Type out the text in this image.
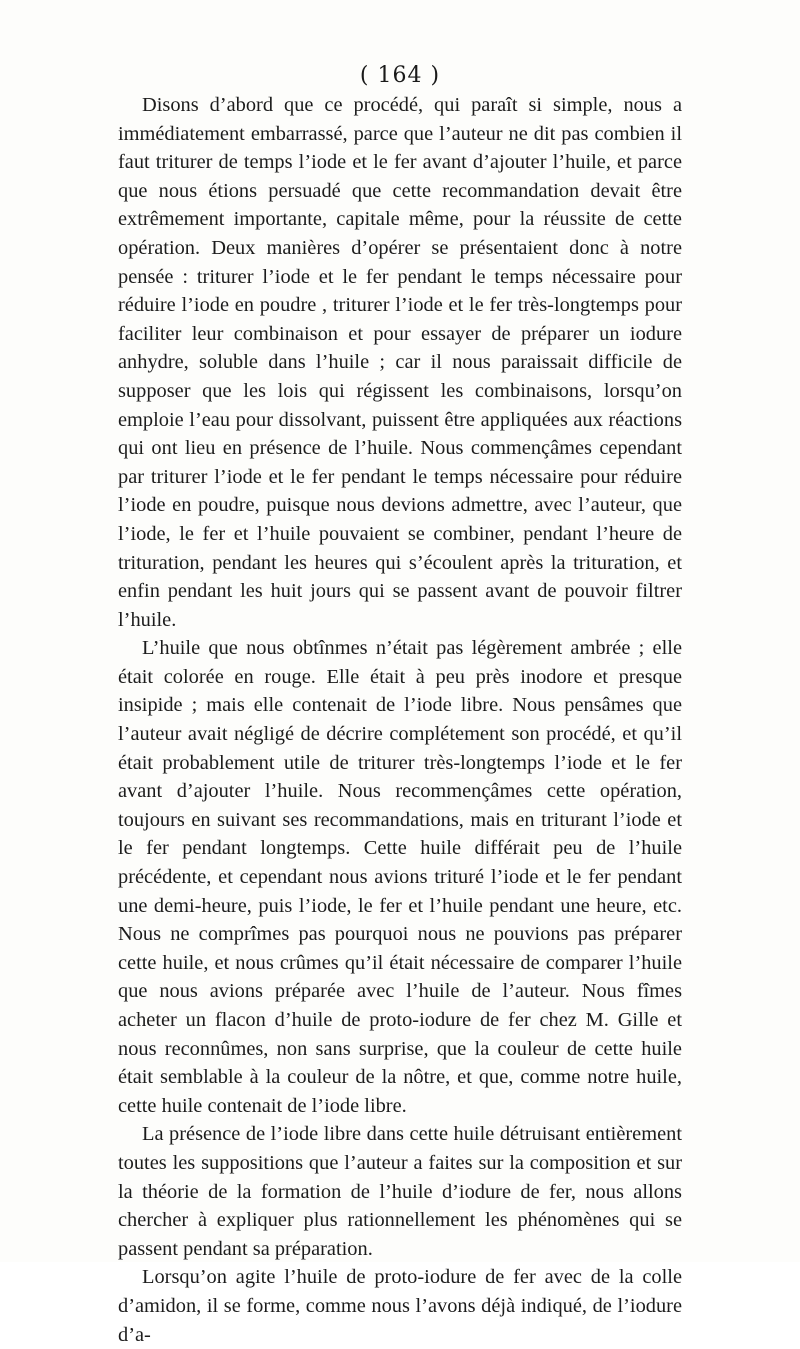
( 164 )

Disons d’abord que ce procédé, qui paraît si simple, nous a immédiatement embarrassé, parce que l’auteur ne dit pas combien il faut triturer de temps l’iode et le fer avant d’ajouter l’huile, et parce que nous étions persuadé que cette recommandation devait être extrêmement importante, capitale même, pour la réussite de cette opération. Deux manières d’opérer se présentaient donc à notre pensée : triturer l’iode et le fer pendant le temps nécessaire pour réduire l’iode en poudre , triturer l’iode et le fer très-longtemps pour faciliter leur combinaison et pour essayer de préparer un iodure anhydre, soluble dans l’huile ; car il nous paraissait difficile de supposer que les lois qui régissent les combinaisons, lorsqu’on emploie l’eau pour dissolvant, puissent être appliquées aux réactions qui ont lieu en présence de l’huile. Nous commençâmes cependant par triturer l’iode et le fer pendant le temps nécessaire pour réduire l’iode en poudre, puisque nous devions admettre, avec l’auteur, que l’iode, le fer et l’huile pouvaient se combiner, pendant l’heure de trituration, pendant les heures qui s’écoulent après la trituration, et enfin pendant les huit jours qui se passent avant de pouvoir filtrer l’huile.

L’huile que nous obtînmes n’était pas légèrement ambrée ; elle était colorée en rouge. Elle était à peu près inodore et presque insipide ; mais elle contenait de l’iode libre. Nous pensâmes que l’auteur avait négligé de décrire complétement son procédé, et qu’il était probablement utile de triturer très-longtemps l’iode et le fer avant d’ajouter l’huile. Nous recommençâmes cette opération, toujours en suivant ses recommandations, mais en triturant l’iode et le fer pendant longtemps. Cette huile différait peu de l’huile précédente, et cependant nous avions trituré l’iode et le fer pendant une demi-heure, puis l’iode, le fer et l’huile pendant une heure, etc. Nous ne comprîmes pas pourquoi nous ne pouvions pas préparer cette huile, et nous crûmes qu’il était nécessaire de comparer l’huile que nous avions préparée avec l’huile de l’auteur. Nous fîmes acheter un flacon d’huile de proto-iodure de fer chez M. Gille et nous reconnûmes, non sans surprise, que la couleur de cette huile était semblable à la couleur de la nôtre, et que, comme notre huile, cette huile contenait de l’iode libre.

La présence de l’iode libre dans cette huile détruisant entièrement toutes les suppositions que l’auteur a faites sur la composition et sur la théorie de la formation de l’huile d’iodure de fer, nous allons chercher à expliquer plus rationnellement les phénomènes qui se passent pendant sa préparation.

Lorsqu’on agite l’huile de proto-iodure de fer avec de la colle d’amidon, il se forme, comme nous l’avons déjà indiqué, de l’iodure d’a-
